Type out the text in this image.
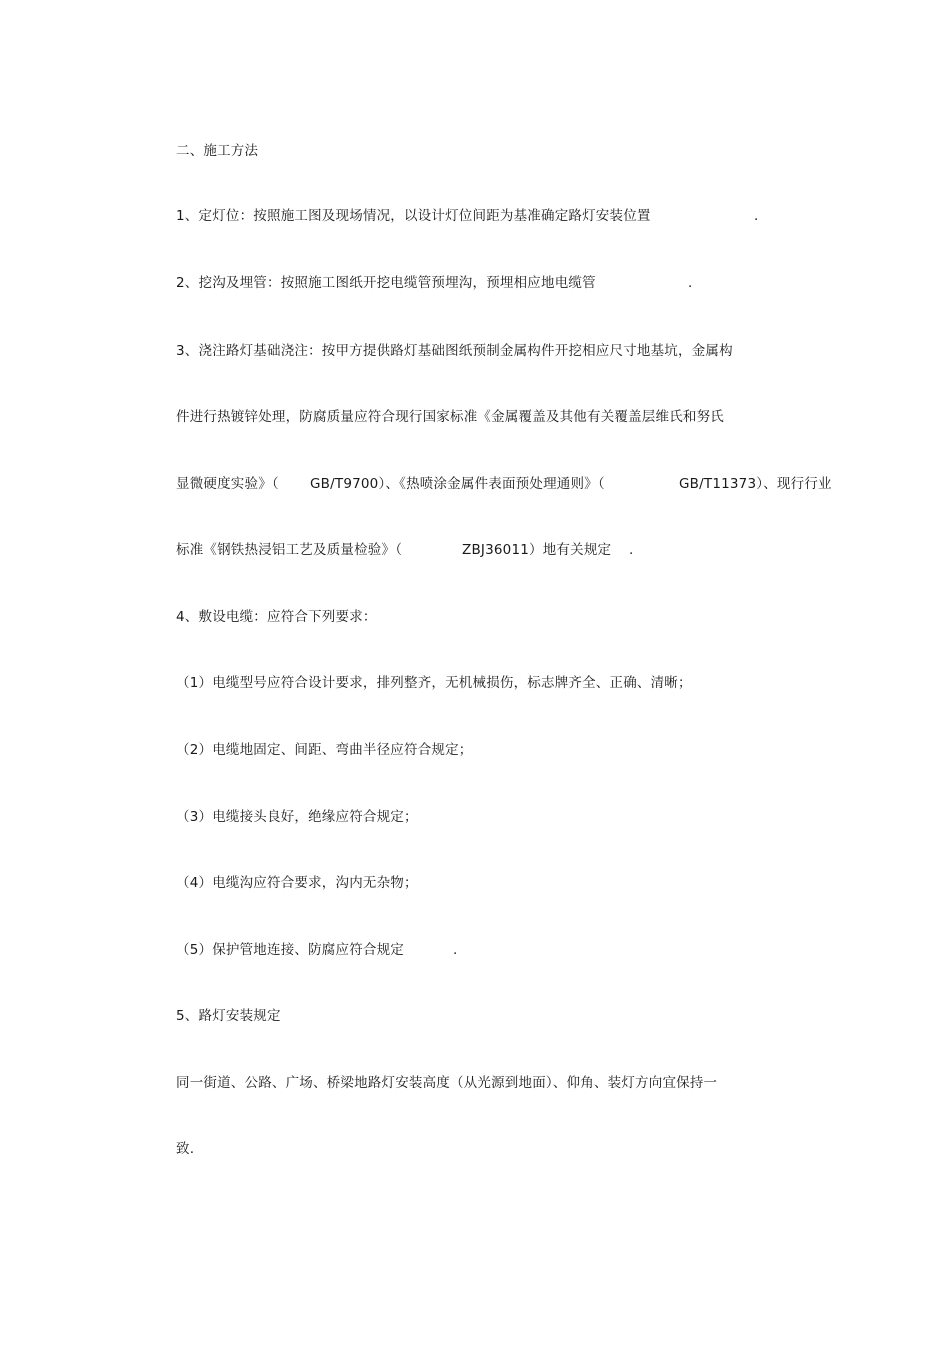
二、施工方法
1、定灯位：按照施工图及现场情况，以设计灯位间距为基准确定路灯安装位置	.
2、挖沟及埋管：按照施工图纸开挖电缆管预埋沟，预埋相应地电缆管	.
3、浇注路灯基础浇注：按甲方提供路灯基础图纸预制金属构件开挖相应尺寸地基坑，金属构
件进行热镀锌处理，防腐质量应符合现行国家标准《金属覆盖及其他有关覆盖层维氏和努氏
显微硬度实验》（ GB/T9700）、《热喷涂金属件表面预处理通则》（	GB/T11373）、现行行业
标准《钢铁热浸铝工艺及质量检验》（	ZBJ36011）地有关规定 .
4、敷设电缆：应符合下列要求：
（1）电缆型号应符合设计要求，排列整齐，无机械损伤，标志牌齐全、正确、清晰；
（2）电缆地固定、间距、弯曲半径应符合规定；
（3）电缆接头良好，绝缘应符合规定；
（4）电缆沟应符合要求，沟内无杂物；
（5）保护管地连接、防腐应符合规定	.
5、路灯安装规定
同一街道、公路、广场、桥梁地路灯安装高度（从光源到地面）、仰角、装灯方向宜保持一
致.
